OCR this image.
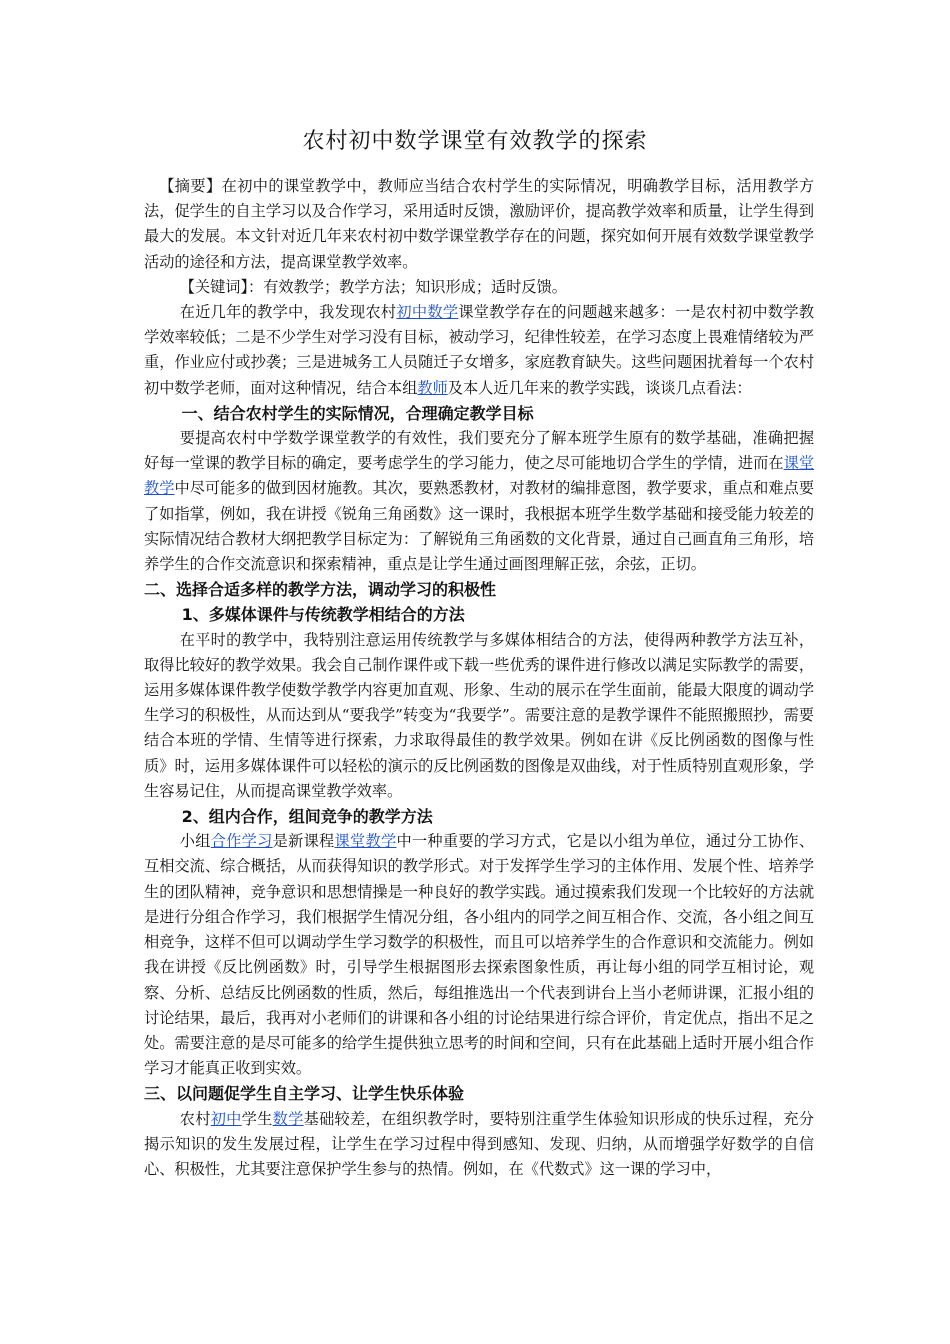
农村初中数学课堂有效教学的探索

【摘要】在初中的课堂教学中，教师应当结合农村学生的实际情况，明确教学目标，活用教学方法，促学生的自主学习以及合作学习，采用适时反馈，激励评价，提高教学效率和质量，让学生得到最大的发展。本文针对近几年来农村初中数学课堂教学存在的问题，探究如何开展有效数学课堂教学活动的途径和方法，提高课堂教学效率。

【关键词】：有效教学；教学方法；知识形成；适时反馈。

在近几年的教学中，我发现农村初中数学课堂教学存在的问题越来越多：一是农村初中数学教学效率较低；二是不少学生对学习没有目标，被动学习，纪律性较差，在学习态度上畏难情绪较为严重，作业应付或抄袭；三是进城务工人员随迁子女增多，家庭教育缺失。这些问题困扰着每一个农村初中数学老师，面对这种情况，结合本组教师及本人近几年来的教学实践，谈谈几点看法：

一、结合农村学生的实际情况，合理确定教学目标

要提高农村中学数学课堂教学的有效性，我们要充分了解本班学生原有的数学基础，准确把握好每一堂课的教学目标的确定，要考虑学生的学习能力，使之尽可能地切合学生的学情，进而在课堂教学中尽可能多的做到因材施教。其次，要熟悉教材，对教材的编排意图，教学要求，重点和难点要了如指掌，例如，我在讲授《锐角三角函数》这一课时，我根据本班学生数学基础和接受能力较差的实际情况结合教材大纲把教学目标定为：了解锐角三角函数的文化背景，通过自己画直角三角形，培养学生的合作交流意识和探索精神，重点是让学生通过画图理解正弦，余弦，正切。

二、选择合适多样的教学方法，调动学习的积极性

1、多媒体课件与传统教学相结合的方法

在平时的教学中，我特别注意运用传统教学与多媒体相结合的方法，使得两种教学方法互补，取得比较好的教学效果。我会自己制作课件或下载一些优秀的课件进行修改以满足实际教学的需要，运用多媒体课件教学使数学教学内容更加直观、形象、生动的展示在学生面前，能最大限度的调动学生学习的积极性，从而达到从“要我学”转变为“我要学”。需要注意的是教学课件不能照搬照抄，需要结合本班的学情、生情等进行探索，力求取得最佳的教学效果。例如在讲《反比例函数的图像与性质》时，运用多媒体课件可以轻松的演示的反比例函数的图像是双曲线，对于性质特别直观形象，学生容易记住，从而提高课堂教学效率。

2、组内合作，组间竞争的教学方法

小组合作学习是新课程课堂教学中一种重要的学习方式，它是以小组为单位，通过分工协作、互相交流、综合概括，从而获得知识的教学形式。对于发挥学生学习的主体作用、发展个性、培养学生的团队精神，竞争意识和思想情操是一种良好的教学实践。通过摸索我们发现一个比较好的方法就是进行分组合作学习，我们根据学生情况分组，各小组内的同学之间互相合作、交流，各小组之间互相竞争，这样不但可以调动学生学习数学的积极性，而且可以培养学生的合作意识和交流能力。例如我在讲授《反比例函数》时，引导学生根据图形去探索图象性质，再让每小组的同学互相讨论，观察、分析、总结反比例函数的性质，然后，每组推选出一个代表到讲台上当小老师讲课，汇报小组的讨论结果，最后，我再对小老师们的讲课和各小组的讨论结果进行综合评价，肯定优点，指出不足之处。需要注意的是尽可能多的给学生提供独立思考的时间和空间，只有在此基础上适时开展小组合作学习才能真正收到实效。

三、以问题促学生自主学习、让学生快乐体验

农村初中学生数学基础较差，在组织教学时，要特别注重学生体验知识形成的快乐过程，充分揭示知识的发生发展过程，让学生在学习过程中得到感知、发现、归纳，从而增强学好数学的自信心、积极性，尤其要注意保护学生参与的热情。例如，在《代数式》这一课的学习中，
